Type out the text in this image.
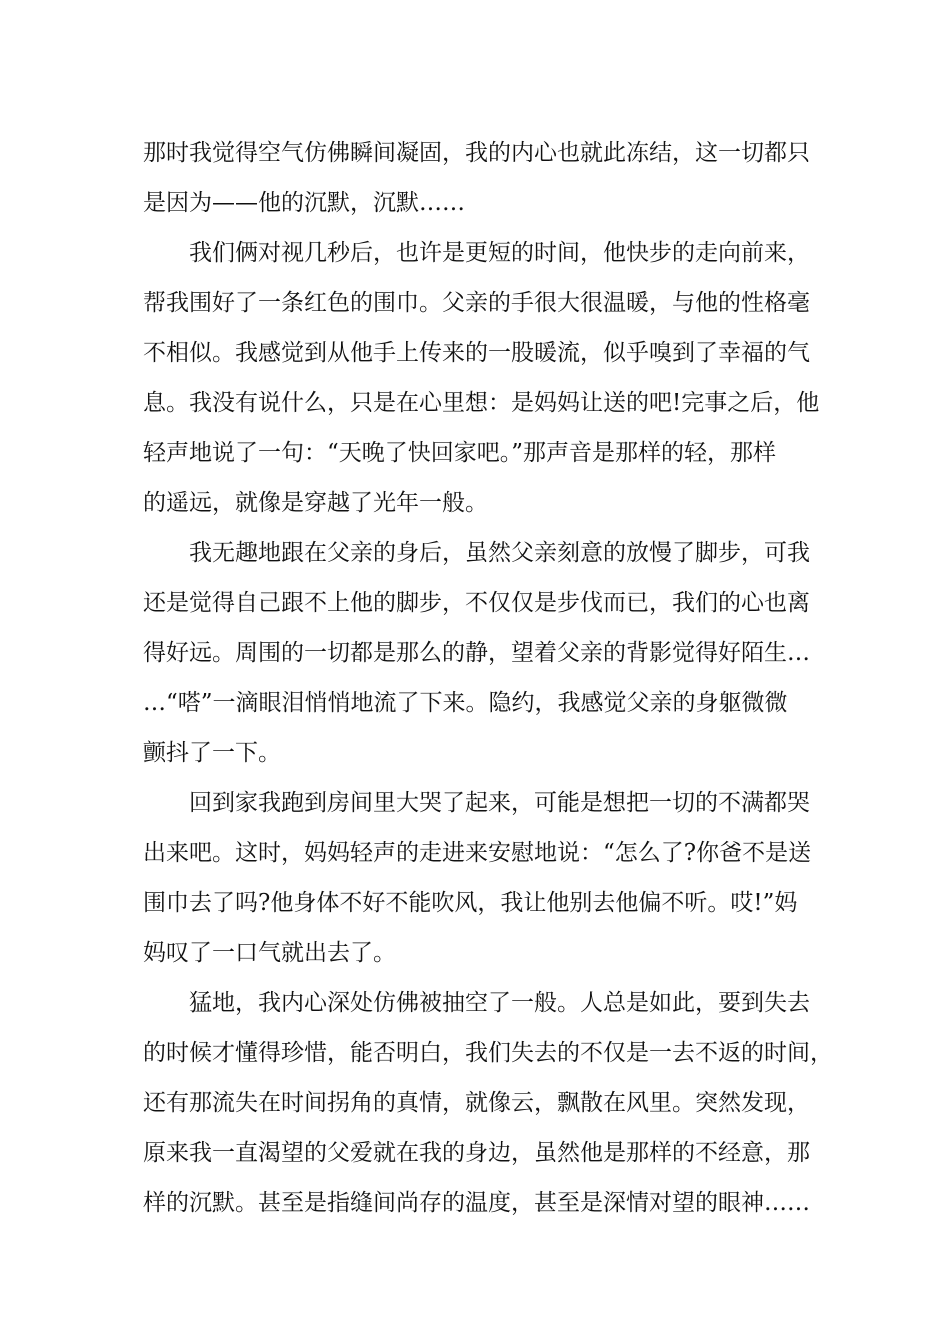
那时我觉得空气仿佛瞬间凝固，我的内心也就此冻结，这一切都只
是因为——他的沉默，沉默……
我们俩对视几秒后，也许是更短的时间，他快步的走向前来，
帮我围好了一条红色的围巾。父亲的手很大很温暖，与他的性格毫
不相似。我感觉到从他手上传来的一股暖流，似乎嗅到了幸福的气
息。我没有说什么，只是在心里想：是妈妈让送的吧!完事之后，他
轻声地说了一句：“天晚了快回家吧。”那声音是那样的轻，那样
的遥远，就像是穿越了光年一般。
我无趣地跟在父亲的身后，虽然父亲刻意的放慢了脚步，可我
还是觉得自己跟不上他的脚步，不仅仅是步伐而已，我们的心也离
得好远。周围的一切都是那么的静，望着父亲的背影觉得好陌生…
…“嗒”一滴眼泪悄悄地流了下来。隐约，我感觉父亲的身躯微微
颤抖了一下。
回到家我跑到房间里大哭了起来，可能是想把一切的不满都哭
出来吧。这时，妈妈轻声的走进来安慰地说：“怎么了?你爸不是送
围巾去了吗?他身体不好不能吹风，我让他别去他偏不听。哎!”妈
妈叹了一口气就出去了。
猛地，我内心深处仿佛被抽空了一般。人总是如此，要到失去
的时候才懂得珍惜，能否明白，我们失去的不仅是一去不返的时间，
还有那流失在时间拐角的真情，就像云，飘散在风里。突然发现，
原来我一直渴望的父爱就在我的身边，虽然他是那样的不经意，那
样的沉默。甚至是指缝间尚存的温度，甚至是深情对望的眼神……
